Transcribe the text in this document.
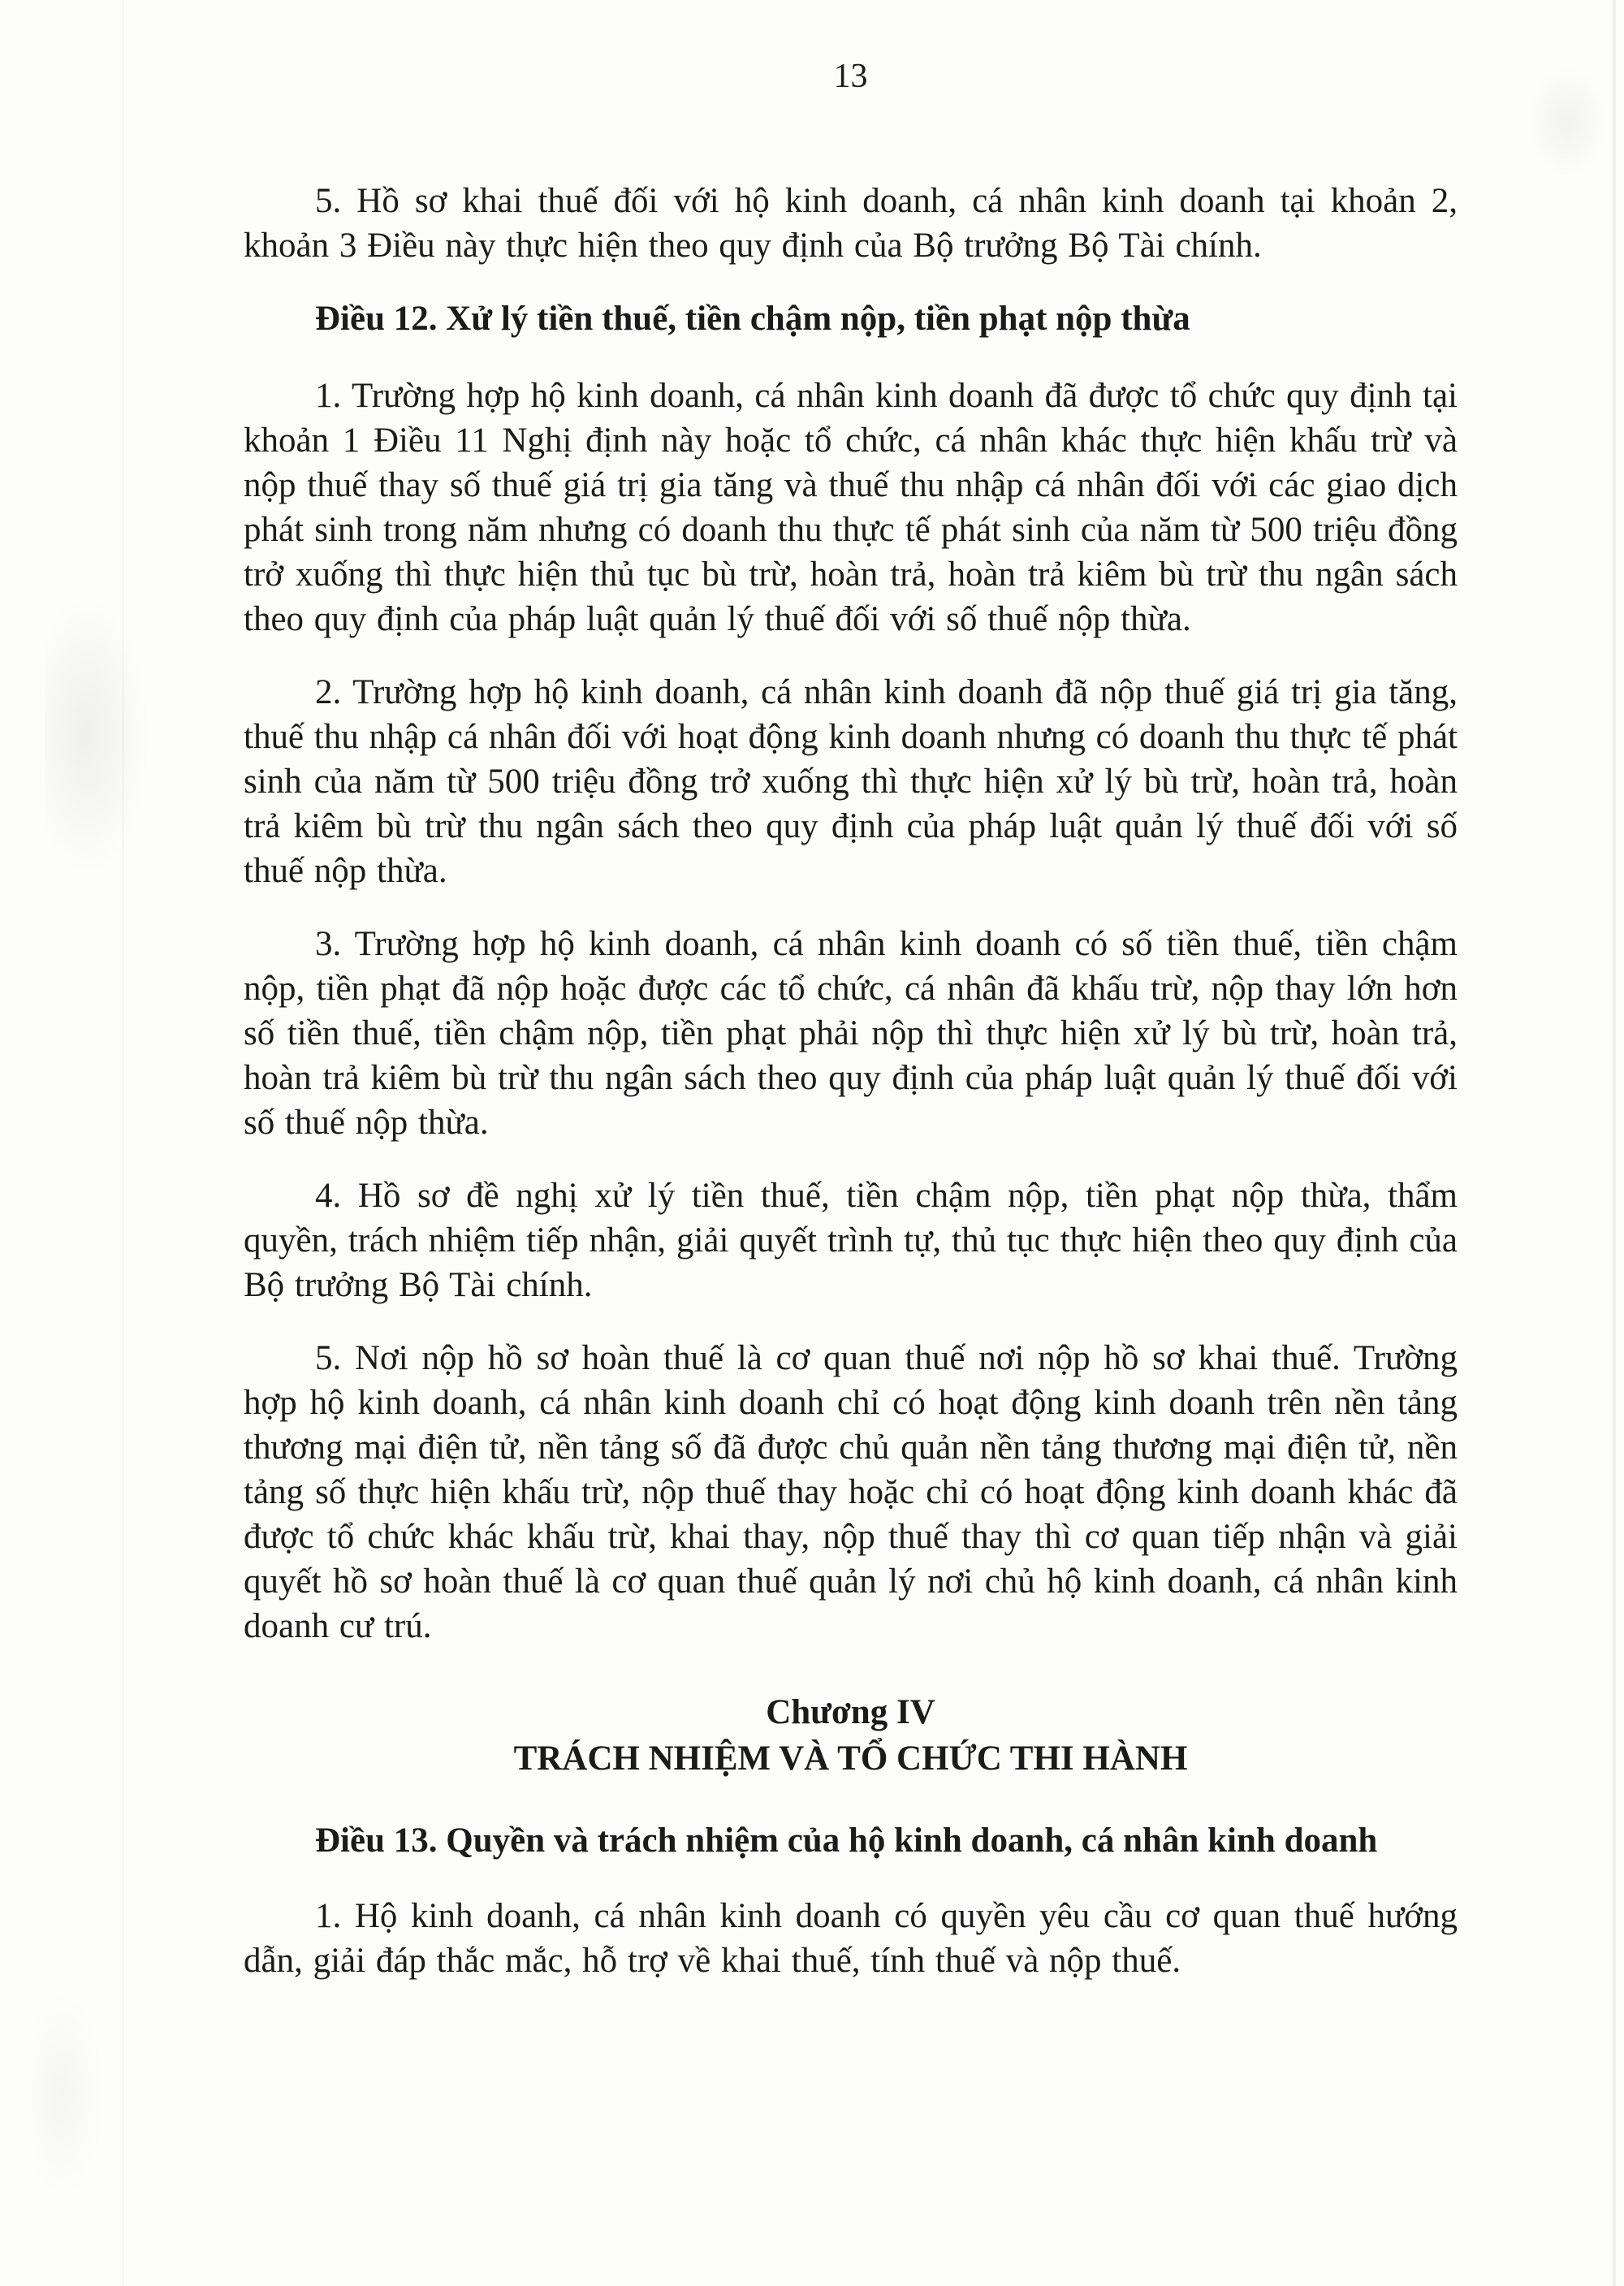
13

5. Hồ sơ khai thuế đối với hộ kinh doanh, cá nhân kinh doanh tại khoản 2, khoản 3 Điều này thực hiện theo quy định của Bộ trưởng Bộ Tài chính.

Điều 12. Xử lý tiền thuế, tiền chậm nộp, tiền phạt nộp thừa

1. Trường hợp hộ kinh doanh, cá nhân kinh doanh đã được tổ chức quy định tại khoản 1 Điều 11 Nghị định này hoặc tổ chức, cá nhân khác thực hiện khấu trừ và nộp thuế thay số thuế giá trị gia tăng và thuế thu nhập cá nhân đối với các giao dịch phát sinh trong năm nhưng có doanh thu thực tế phát sinh của năm từ 500 triệu đồng trở xuống thì thực hiện thủ tục bù trừ, hoàn trả, hoàn trả kiêm bù trừ thu ngân sách theo quy định của pháp luật quản lý thuế đối với số thuế nộp thừa.

2. Trường hợp hộ kinh doanh, cá nhân kinh doanh đã nộp thuế giá trị gia tăng, thuế thu nhập cá nhân đối với hoạt động kinh doanh nhưng có doanh thu thực tế phát sinh của năm từ 500 triệu đồng trở xuống thì thực hiện xử lý bù trừ, hoàn trả, hoàn trả kiêm bù trừ thu ngân sách theo quy định của pháp luật quản lý thuế đối với số thuế nộp thừa.

3. Trường hợp hộ kinh doanh, cá nhân kinh doanh có số tiền thuế, tiền chậm nộp, tiền phạt đã nộp hoặc được các tổ chức, cá nhân đã khấu trừ, nộp thay lớn hơn số tiền thuế, tiền chậm nộp, tiền phạt phải nộp thì thực hiện xử lý bù trừ, hoàn trả, hoàn trả kiêm bù trừ thu ngân sách theo quy định của pháp luật quản lý thuế đối với số thuế nộp thừa.

4. Hồ sơ đề nghị xử lý tiền thuế, tiền chậm nộp, tiền phạt nộp thừa, thẩm quyền, trách nhiệm tiếp nhận, giải quyết trình tự, thủ tục thực hiện theo quy định của Bộ trưởng Bộ Tài chính.

5. Nơi nộp hồ sơ hoàn thuế là cơ quan thuế nơi nộp hồ sơ khai thuế. Trường hợp hộ kinh doanh, cá nhân kinh doanh chỉ có hoạt động kinh doanh trên nền tảng thương mại điện tử, nền tảng số đã được chủ quản nền tảng thương mại điện tử, nền tảng số thực hiện khấu trừ, nộp thuế thay hoặc chỉ có hoạt động kinh doanh khác đã được tổ chức khác khấu trừ, khai thay, nộp thuế thay thì cơ quan tiếp nhận và giải quyết hồ sơ hoàn thuế là cơ quan thuế quản lý nơi chủ hộ kinh doanh, cá nhân kinh doanh cư trú.

Chương IV
TRÁCH NHIỆM VÀ TỔ CHỨC THI HÀNH

Điều 13. Quyền và trách nhiệm của hộ kinh doanh, cá nhân kinh doanh

1. Hộ kinh doanh, cá nhân kinh doanh có quyền yêu cầu cơ quan thuế hướng dẫn, giải đáp thắc mắc, hỗ trợ về khai thuế, tính thuế và nộp thuế.
